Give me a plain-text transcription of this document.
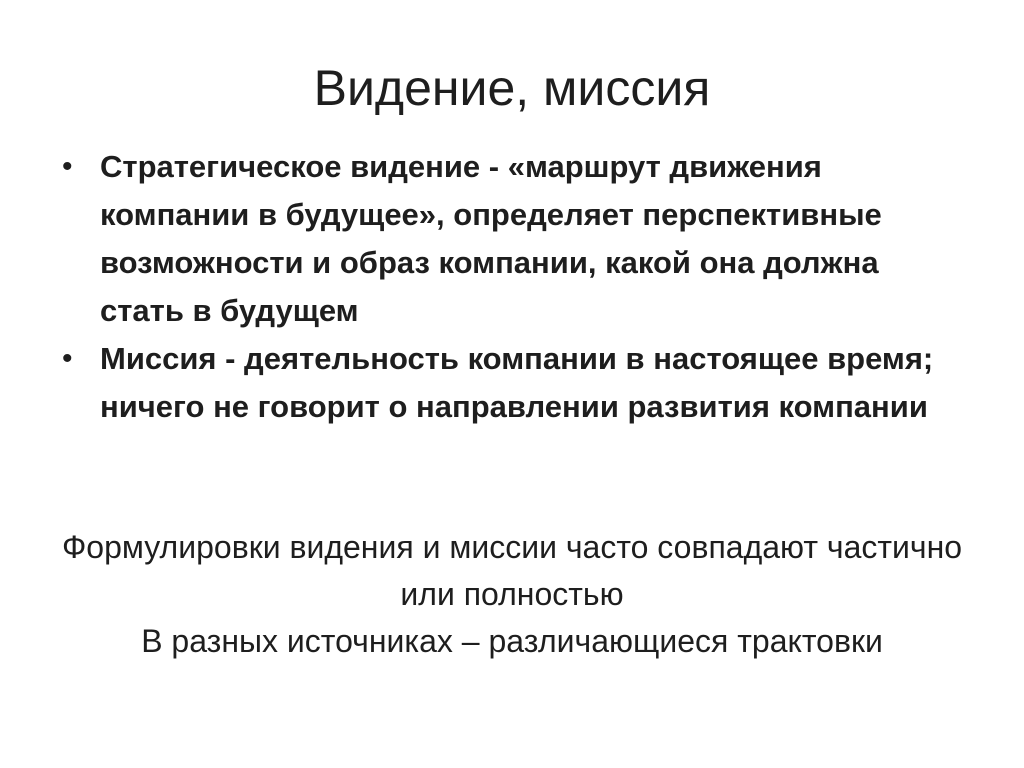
Видение, миссия
• Стратегическое видение - «маршрут движения компании в будущее», определяет перспективные возможности и образ компании, какой она должна стать в будущем
• Миссия - деятельность компании в настоящее время; ничего не говорит о направлении развития компании

Формулировки видения и миссии часто совпадают частично или полностью
В разных источниках – различающиеся трактовки
